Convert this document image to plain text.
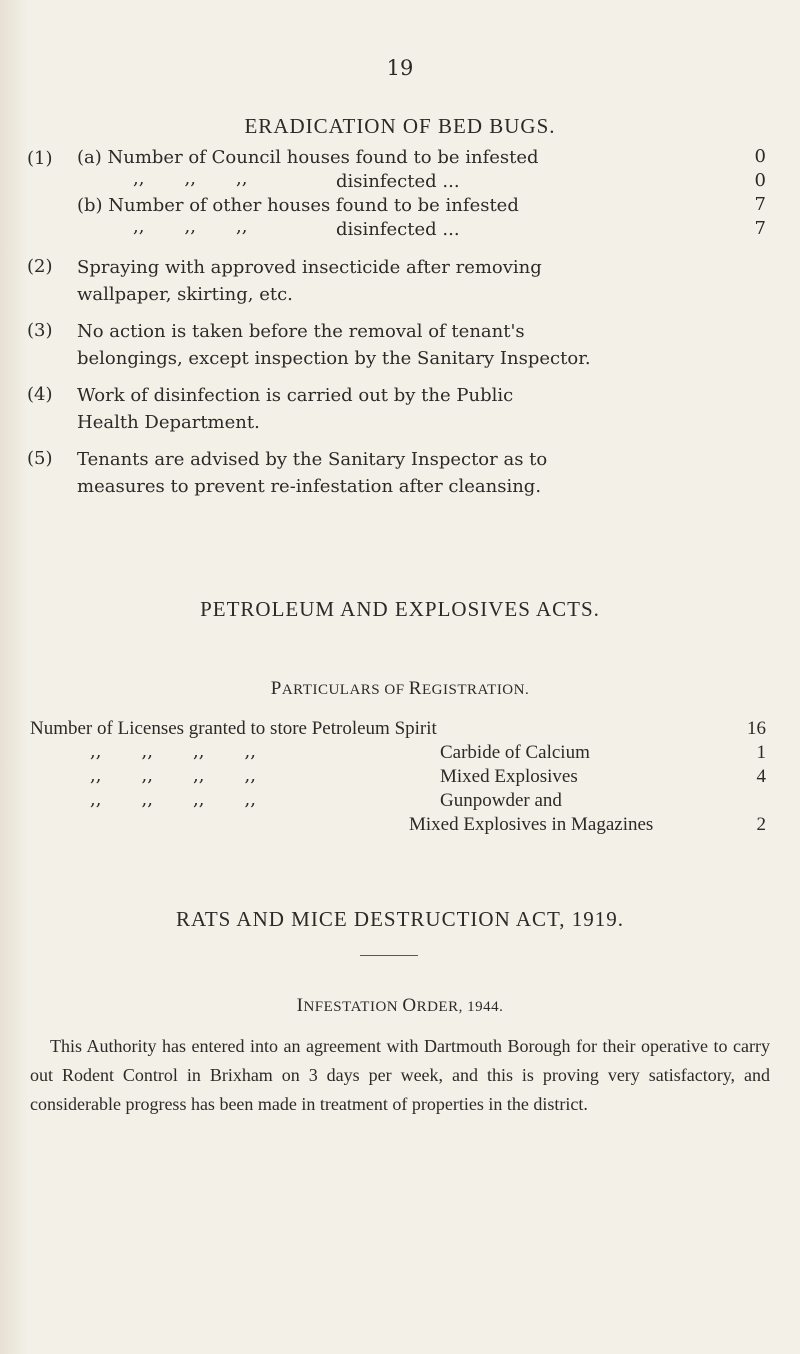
19
ERADICATION OF BED BUGS.
(1) (a) Number of Council houses found to be infested	0
,,       ,,       ,,	disinfected ...	0
(b) Number of other houses found to be infested	7
,,       ,,       ,,	disinfected ...	7
(2) Spraying with approved insecticide after removing
wallpaper, skirting, etc.
(3) No action is taken before the removal of tenant's
belongings, except inspection by the Sanitary Inspector.
(4) Work of disinfection is carried out by the Public
Health Department.
(5) Tenants are advised by the Sanitary Inspector as to
measures to prevent re-infestation after cleansing.
PETROLEUM AND EXPLOSIVES ACTS.
PARTICULARS OF REGISTRATION.
Number of Licenses granted to store Petroleum Spirit	16
,,       ,,       ,,       ,,	Carbide of Calcium	1
,,       ,,       ,,       ,,	Mixed Explosives	4
,,       ,,       ,,       ,,	Gunpowder and
Mixed Explosives in Magazines	2
RATS AND MICE DESTRUCTION ACT, 1919.
INFESTATION ORDER, 1944.
This Authority has entered into an agreement with Dartmouth Borough for their operative to carry out Rodent Control in Brixham on 3 days per week, and this is proving very satisfactory, and considerable progress has been made in treatment of properties in the district.
